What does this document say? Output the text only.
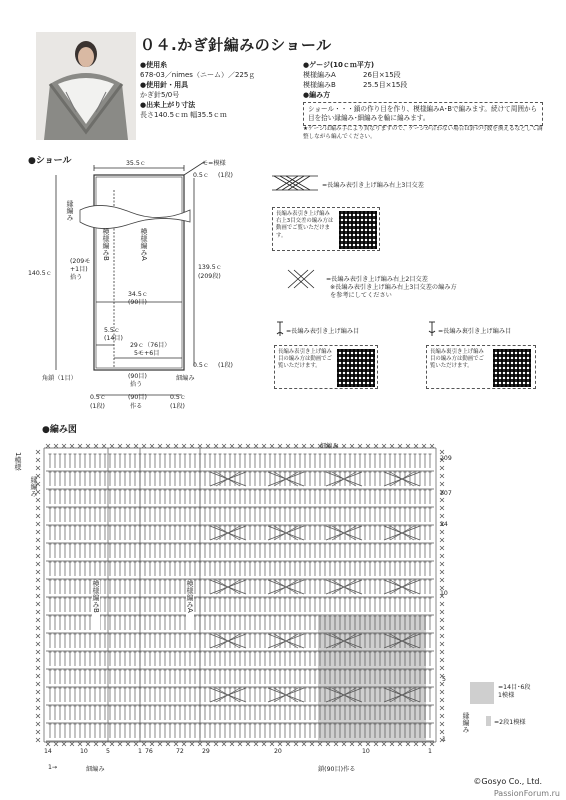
０４.かぎ針編みのショール
●使用糸
678-03／nimes（ニーム）／225ｇ
●使用針・用具
かぎ針5/0号
●出来上がり寸法
長さ140.5ｃｍ 幅35.5ｃｍ
●ゲージ(10ｃｍ平方)
模様編みA	26目×15段
模様編みB	25.5目×15段
●編み方
ショール・・・鎖の作り目を作り、模様編みA･Bで編みます。続けて周囲から目を拾い縁編み･細編みを輪に編みます。
★ゲージは編み手により異なりますので、ゲージが合わない場合は針の号数を換えるなどして調整しながら編んでください。
●ショール	35.5ｃ	モ=模様
0.5ｃ (1段)
縁編み
140.5ｃ
模様編みB	模様編みA
(209モ
+1目)
拾う
139.5ｃ
(209段)
34.5ｃ
(90目)
5.5ｃ
(14目)
29ｃ（76目）
5モ+6目
0.5ｃ (1段)
角鎖（1目）	(90目)
拾う
細編み
(90目)
作る
0.5ｃ
(1段)
0.5ｃ
(1段)
=長編み表引き上げ編み右上3目交差
長編み表引き上げ編み右上3目交差の編み方は動画でご覧いただけます。
=長編み表引き上げ編み右上2目交差
※長編み表引き上げ編み右上3目交差の編み方を参考にしてください
=長編み表引き上げ編み目
長編み表引き上げ編み目の編み方は動画でご覧いただけます。
=長編み裏引き上げ編み目
長編み裏引き上げ編み目の編み方は動画でご覧いただけます。
●編み図
細編み
1模様
縁編み
模様編みB	模様編みA
209
207
14
10
5
1
14	10	5	1 76	72	29	20	10	1
1→	細編み	鎖(90目)作る
=14目･6段
1模様
=2段1模様
縁編み
©Gosyo Co., Ltd.
PassionForum.ru
